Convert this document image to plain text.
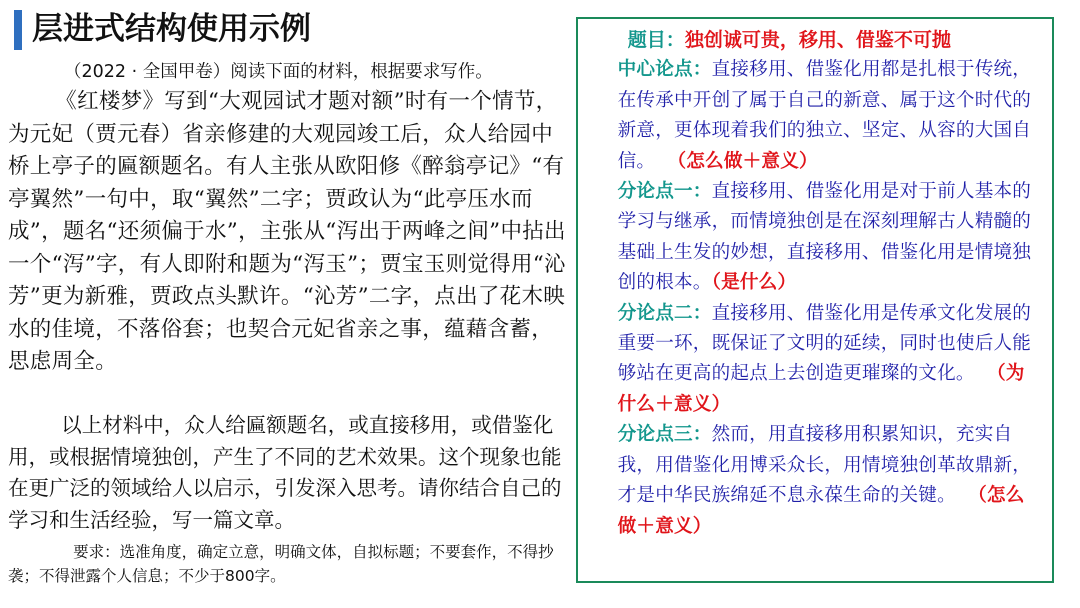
层进式结构使用示例
（2022 · 全国甲卷）阅读下面的材料，根据要求写作。

《红楼梦》写到“大观园试才题对额”时有一个情节，为元妃（贾元春）省亲修建的大观园竣工后，众人给园中桥上亭子的匾额题名。有人主张从欧阳修《醉翁亭记》“有亭翼然”一句中，取“翼然”二字；贾政认为“此亭压水而成”，题名“还须偏于水”，主张从“泻出于两峰之间”中拈出一个“泻”字，有人即附和题为“泻玉”；贾宝玉则觉得用“沁芳”更为新雅，贾政点头默许。“沁芳”二字，点出了花木映水的佳境，不落俗套；也契合元妃省亲之事，蕴藉含蓄，思虑周全。

以上材料中，众人给匾额题名，或直接移用，或借鉴化用，或根据情境独创，产生了不同的艺术效果。这个现象也能在更广泛的领域给人以启示，引发深入思考。请你结合自己的学习和生活经验，写一篇文章。

要求：选准角度，确定立意，明确文体，自拟标题；不要套作，不得抄袭；不得泄露个人信息；不少于800字。

题目：独创诚可贵，移用、借鉴不可抛

中心论点：直接移用、借鉴化用都是扎根于传统，在传承中开创了属于自己的新意、属于这个时代的新意，更体现着我们的独立、坚定、从容的大国自信。 （怎么做＋意义）

分论点一：直接移用、借鉴化用是对于前人基本的学习与继承，而情境独创是在深刻理解古人精髓的基础上生发的妙想，直接移用、借鉴化用是情境独创的根本。（是什么）

分论点二：直接移用、借鉴化用是传承文化发展的重要一环，既保证了文明的延续，同时也使后人能够站在更高的起点上去创造更璀璨的文化。 （为什么＋意义）

分论点三：然而，用直接移用积累知识，充实自我，用借鉴化用博采众长，用情境独创革故鼎新，才是中华民族绵延不息永葆生命的关键。 （怎么做＋意义）
